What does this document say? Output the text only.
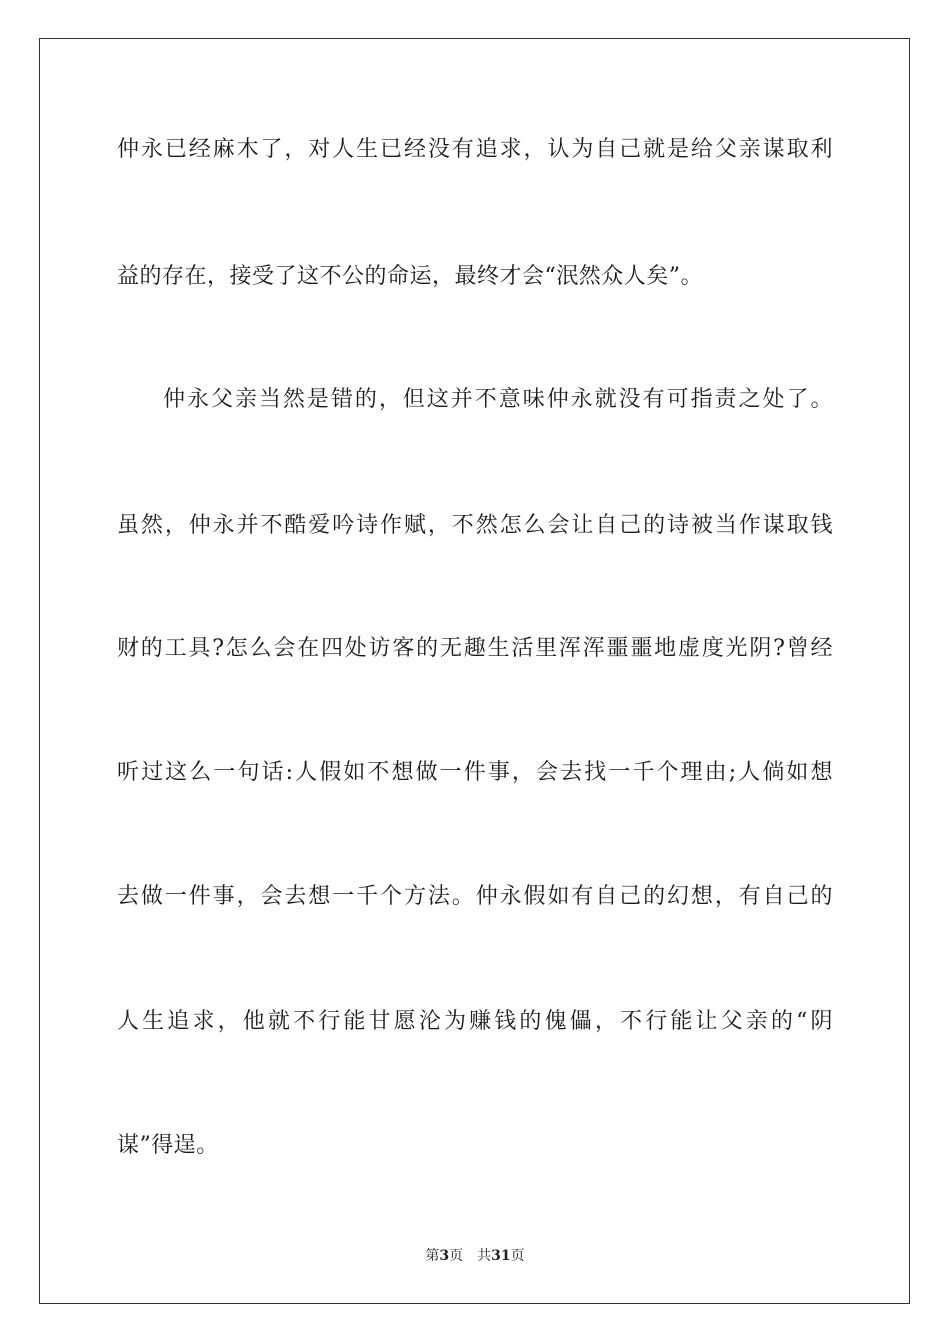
仲永已经麻木了，对人生已经没有追求，认为自己就是给父亲谋取利
益的存在，接受了这不公的命运，最终才会“泯然众人矣”。
仲永父亲当然是错的，但这并不意味仲永就没有可指责之处了。
虽然，仲永并不酷爱吟诗作赋，不然怎么会让自己的诗被当作谋取钱
财的工具?怎么会在四处访客的无趣生活里浑浑噩噩地虚度光阴?曾经
听过这么一句话:人假如不想做一件事，会去找一千个理由;人倘如想
去做一件事，会去想一千个方法。仲永假如有自己的幻想，有自己的
人生追求，他就不行能甘愿沦为赚钱的傀儡，不行能让父亲的“阴
谋”得逞。
第3页 共31页
